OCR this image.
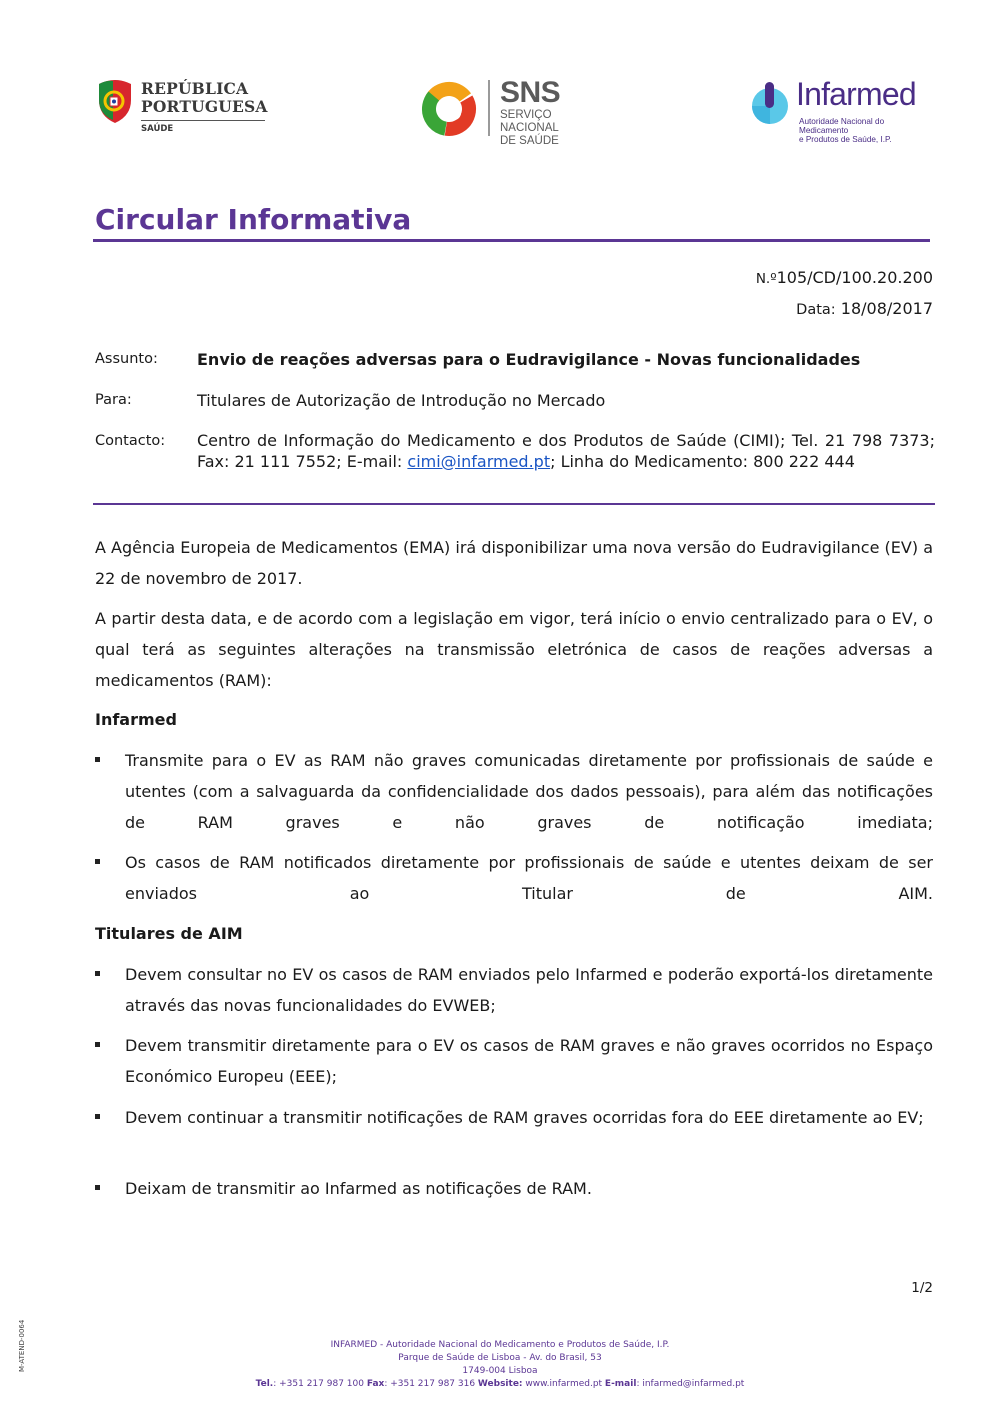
REPÚBLICA
PORTUGUESA
SAÚDE
SNS
SERVIÇO NACIONAL
DE SAÚDE
Infarmed
Autoridade Nacional do Medicamento
e Produtos de Saúde, I.P.
Circular Informativa
N.º105/CD/100.20.200
Data: 18/08/2017
Assunto: Envio de reações adversas para o Eudravigilance - Novas funcionalidades
Para:	Titulares de Autorização de Introdução no Mercado
Contacto: Centro de Informação do Medicamento e dos Produtos de Saúde (CIMI); Tel. 21 798 7373; Fax: 21 111 7552; E-mail: cimi@infarmed.pt; Linha do Medicamento: 800 222 444
A Agência Europeia de Medicamentos (EMA) irá disponibilizar uma nova versão do Eudravigilance (EV) a 22 de novembro de 2017.
A partir desta data, e de acordo com a legislação em vigor, terá início o envio centralizado para o EV, o qual terá as seguintes alterações na transmissão eletrónica de casos de reações adversas a medicamentos (RAM):
Infarmed
Transmite para o EV as RAM não graves comunicadas diretamente por profissionais de saúde e utentes (com a salvaguarda da confidencialidade dos dados pessoais), para além das notificações de RAM graves e não graves de notificação imediata;
Os casos de RAM notificados diretamente por profissionais de saúde e utentes deixam de ser enviados ao Titular de AIM.
Titulares de AIM
Devem consultar no EV os casos de RAM enviados pelo Infarmed e poderão exportá-los diretamente através das novas funcionalidades do EVWEB;
Devem transmitir diretamente para o EV os casos de RAM graves e não graves ocorridos no Espaço Económico Europeu (EEE);
Devem continuar a transmitir notificações de RAM graves ocorridas fora do EEE diretamente ao EV;
Deixam de transmitir ao Infarmed as notificações de RAM.
1/2
INFARMED - Autoridade Nacional do Medicamento e Produtos de Saúde, I.P.
Parque de Saúde de Lisboa - Av. do Brasil, 53
1749-004 Lisboa
Tel.: +351 217 987 100 Fax: +351 217 987 316 Website: www.infarmed.pt E-mail: infarmed@infarmed.pt
M-ATEND-0064
